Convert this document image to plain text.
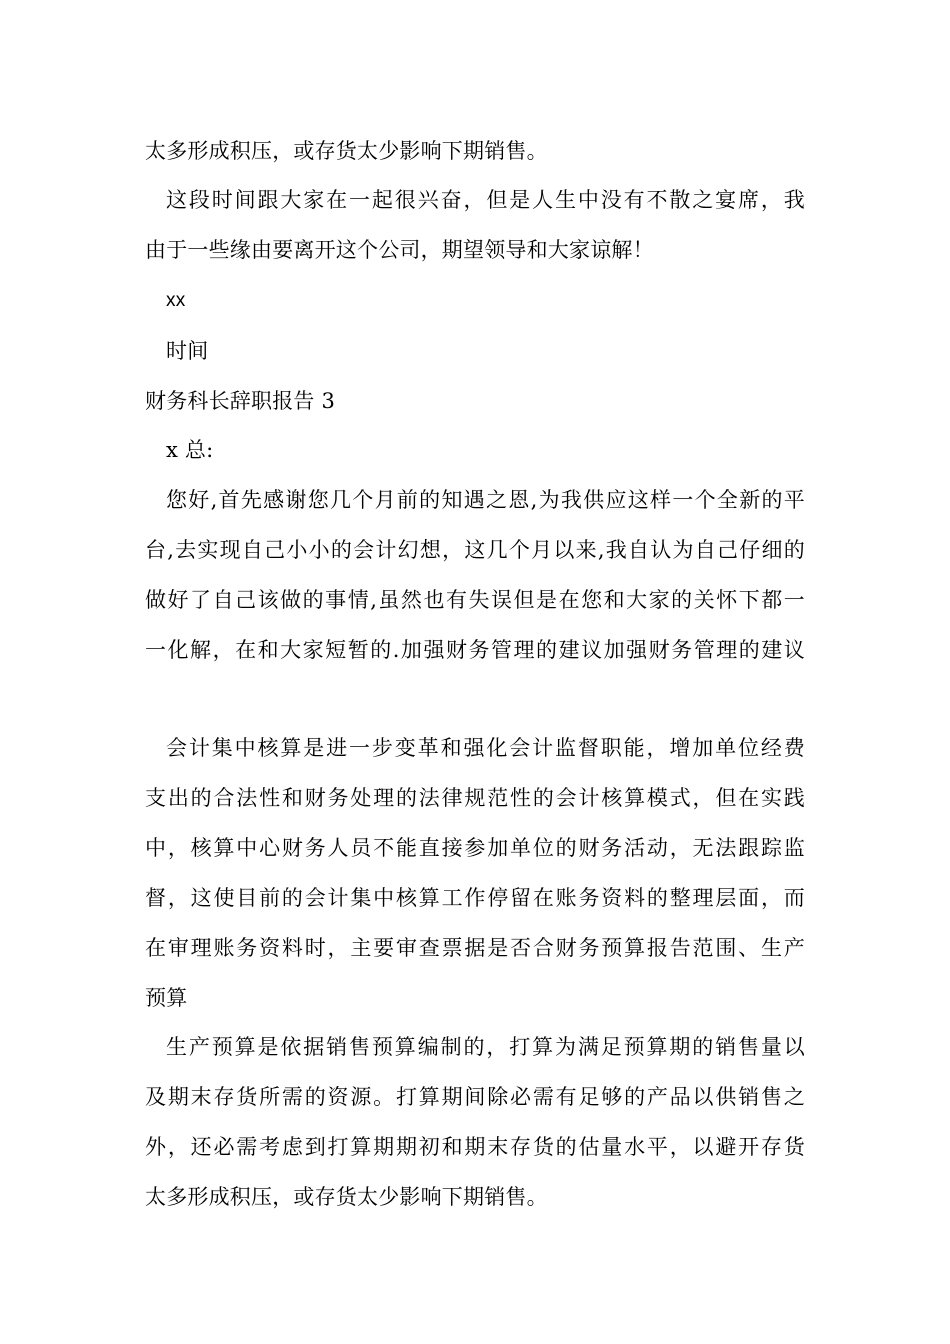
太多形成积压，或存货太少影响下期销售。
这段时间跟大家在一起很兴奋，但是人生中没有不散之宴席，我
由于一些缘由要离开这个公司，期望领导和大家谅解！
xx
时间
财务科长辞职报告 3
x 总:
您好,首先感谢您几个月前的知遇之恩,为我供应这样一个全新的平
台,去实现自己小小的会计幻想，这几个月以来,我自认为自己仔细的
做好了自己该做的事情,虽然也有失误但是在您和大家的关怀下都一
一化解，在和大家短暂的.加强财务管理的建议加强财务管理的建议
会计集中核算是进一步变革和强化会计监督职能，增加单位经费
支出的合法性和财务处理的法律规范性的会计核算模式，但在实践
中，核算中心财务人员不能直接参加单位的财务活动，无法跟踪监
督，这使目前的会计集中核算工作停留在账务资料的整理层面，而
在审理账务资料时，主要审查票据是否合财务预算报告范围、生产
预算
生产预算是依据销售预算编制的，打算为满足预算期的销售量以
及期末存货所需的资源。打算期间除必需有足够的产品以供销售之
外，还必需考虑到打算期期初和期末存货的估量水平，以避开存货
太多形成积压，或存货太少影响下期销售。
